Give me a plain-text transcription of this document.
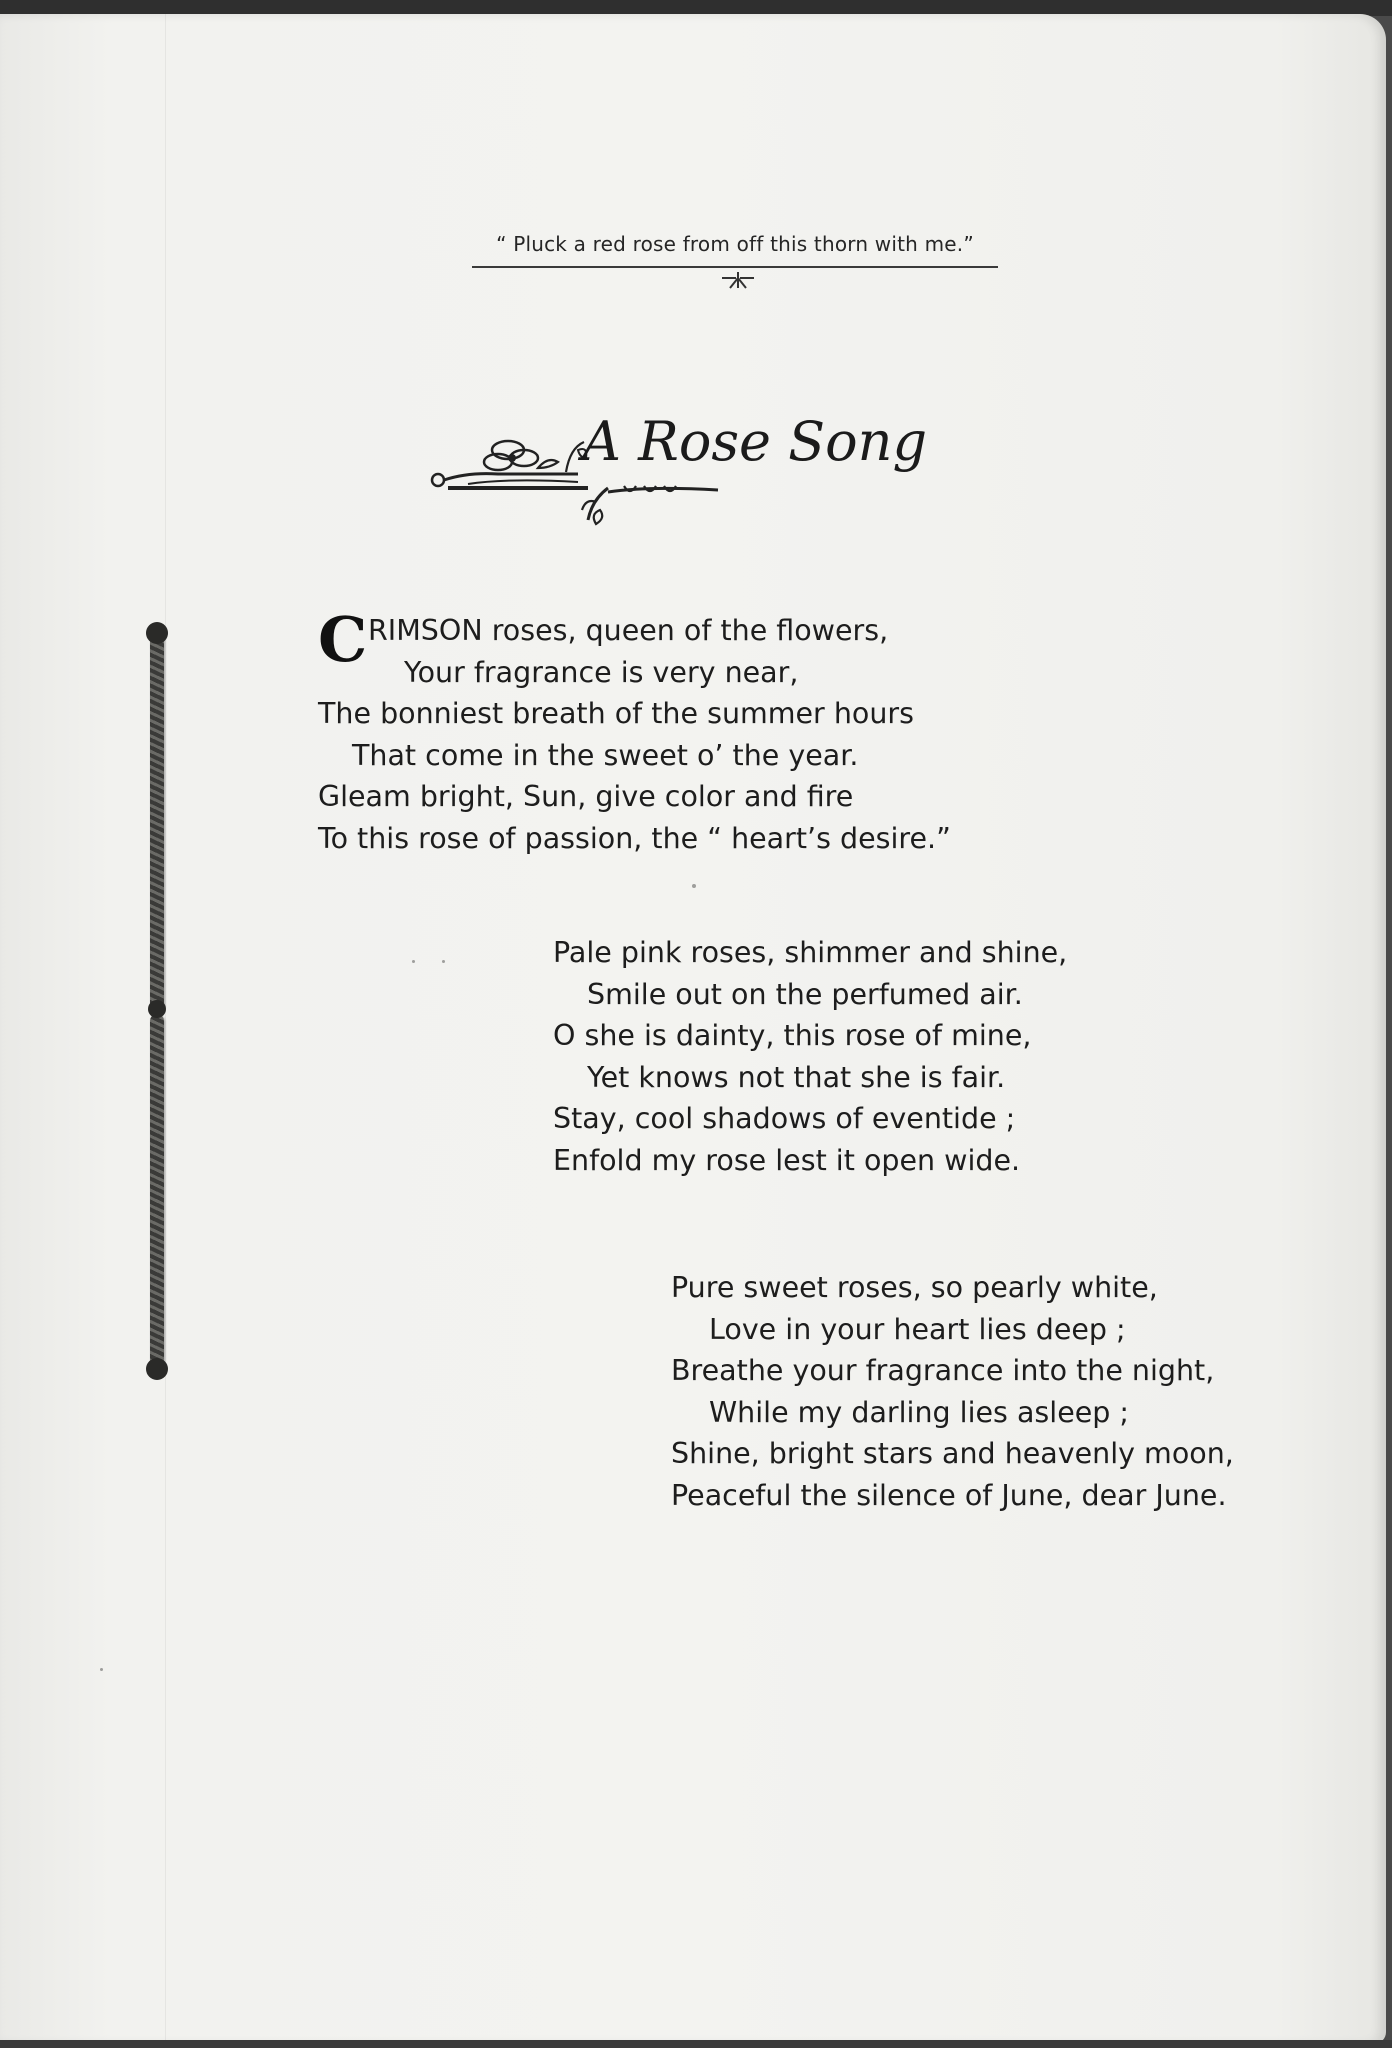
“ Pluck a red rose from off this thorn with me.”
A Rose Song
C RIMSON roses, queen of the flowers,
Your fragrance is very near,
The bonniest breath of the summer hours
That come in the sweet o’ the year.
Gleam bright, Sun, give color and fire
To this rose of passion, the “ heart’s desire.”
Pale pink roses, shimmer and shine,
Smile out on the perfumed air.
O she is dainty, this rose of mine,
Yet knows not that she is fair.
Stay, cool shadows of eventide ;
Enfold my rose lest it open wide.
Pure sweet roses, so pearly white,
Love in your heart lies deep ;
Breathe your fragrance into the night,
While my darling lies asleep ;
Shine, bright stars and heavenly moon,
Peaceful the silence of June, dear June.
